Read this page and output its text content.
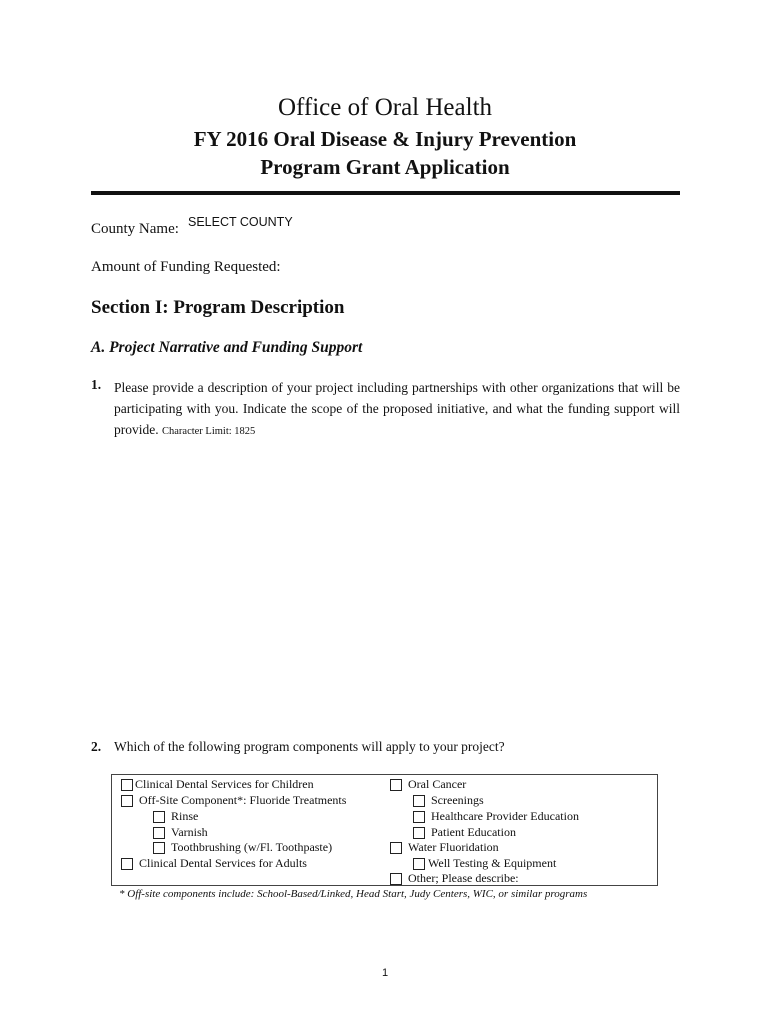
Office of Oral Health
FY 2016 Oral Disease & Injury Prevention
Program Grant Application
County Name: SELECT COUNTY
Amount of Funding Requested:
Section I: Program Description
A. Project Narrative and Funding Support
1. Please provide a description of your project including partnerships with other organizations that will be participating with you. Indicate the scope of the proposed initiative, and what the funding support will provide. Character Limit: 1825
2. Which of the following program components will apply to your project?
Clinical Dental Services for Children
Off-Site Component*: Fluoride Treatments
Rinse
Varnish
Toothbrushing (w/Fl. Toothpaste)
Clinical Dental Services for Adults
Oral Cancer
Screenings
Healthcare Provider Education
Patient Education
Water Fluoridation
Well Testing & Equipment
Other; Please describe:
* Off-site components include: School-Based/Linked, Head Start, Judy Centers, WIC, or similar programs
1
